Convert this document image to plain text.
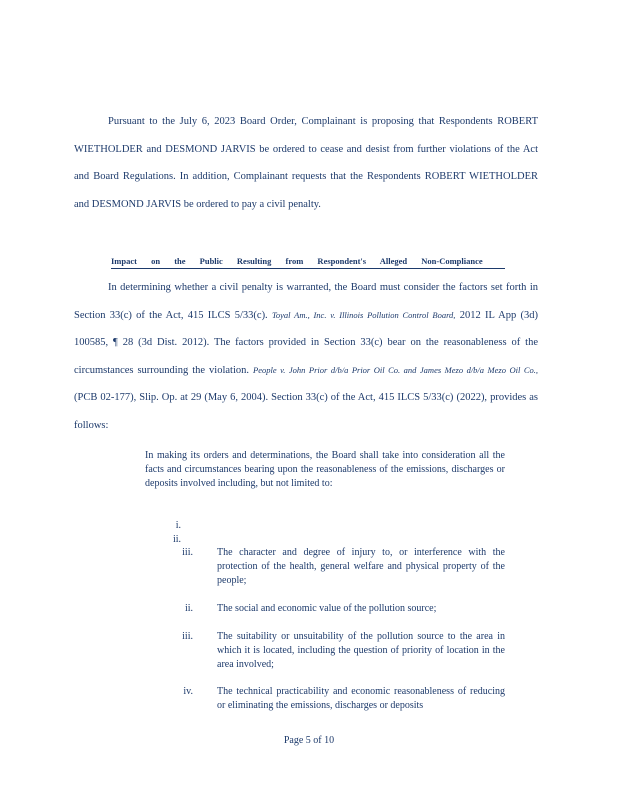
Pursuant to the July 6, 2023 Board Order, Complainant is proposing that Respondents ROBERT WIETHOLDER and DESMOND JARVIS be ordered to cease and desist from further violations of the Act and Board Regulations. In addition, Complainant requests that the Respondents ROBERT WIETHOLDER and DESMOND JARVIS be ordered to pay a civil penalty.

Impact on the Public Resulting from Respondent's Alleged Non-Compliance

In determining whether a civil penalty is warranted, the Board must consider the factors set forth in Section 33(c) of the Act, 415 ILCS 5/33(c). Toyal Am., Inc. v. Illinois Pollution Control Board, 2012 IL App (3d) 100585, ¶ 28 (3d Dist. 2012). The factors provided in Section 33(c) bear on the reasonableness of the circumstances surrounding the violation. People v. John Prior d/b/a Prior Oil Co. and James Mezo d/b/a Mezo Oil Co., (PCB 02-177), Slip. Op. at 29 (May 6, 2004). Section 33(c) of the Act, 415 ILCS 5/33(c) (2022), provides as follows:

In making its orders and determinations, the Board shall take into consideration all the facts and circumstances bearing upon the reasonableness of the emissions, discharges or deposits involved including, but not limited to:

i.
ii.
iii. The character and degree of injury to, or interference with the protection of the health, general welfare and physical property of the people;
ii. The social and economic value of the pollution source;
iii. The suitability or unsuitability of the pollution source to the area in which it is located, including the question of priority of location in the area involved;
iv. The technical practicability and economic reasonableness of reducing or eliminating the emissions, discharges or deposits
Page 5 of 10
